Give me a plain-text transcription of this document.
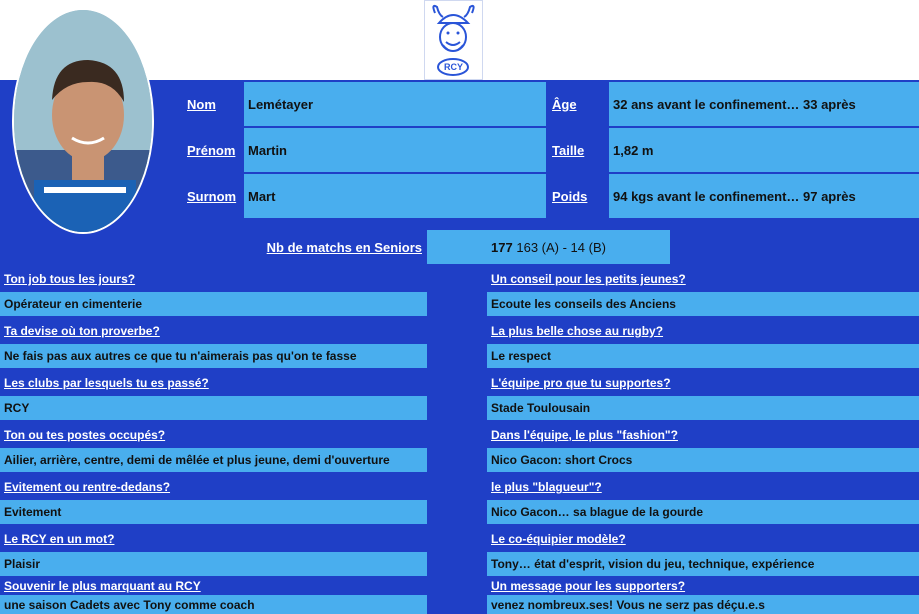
RCY
Nom	Lemétayer
Prénom Martin
Surnom Mart
Âge	32 ans avant le confinement… 33 après
Taille	1,82 m
Poids	94 kgs avant le confinement… 97 après
Nb de matchs en Seniors	177 163 (A) - 14 (B)
Ton job tous les jours?
Opérateur en cimenterie
Ta devise où ton proverbe?
Ne fais pas aux autres ce que tu n'aimerais pas qu'on te fasse
Les clubs par lesquels tu es passé?
RCY
Ton ou tes postes occupés?
Ailier, arrière, centre, demi de mêlée et plus jeune, demi d'ouverture
Evitement ou rentre-dedans?
Evitement
Le RCY en un mot?
Plaisir
Souvenir le plus marquant au RCY
une saison Cadets avec Tony comme coach
Un conseil pour les petits jeunes?
Ecoute les conseils des Anciens
La plus belle chose au rugby?
Le respect
L'équipe pro que tu supportes?
Stade Toulousain
Dans l'équipe, le plus "fashion"?
Nico Gacon: short Crocs
le plus "blagueur"?
Nico Gacon… sa blague de la gourde
Le co-équipier modèle?
Tony… état d'esprit, vision du jeu, technique, expérience
Un message pour les supporters?
venez nombreux.ses! Vous ne serz pas déçu.e.s
